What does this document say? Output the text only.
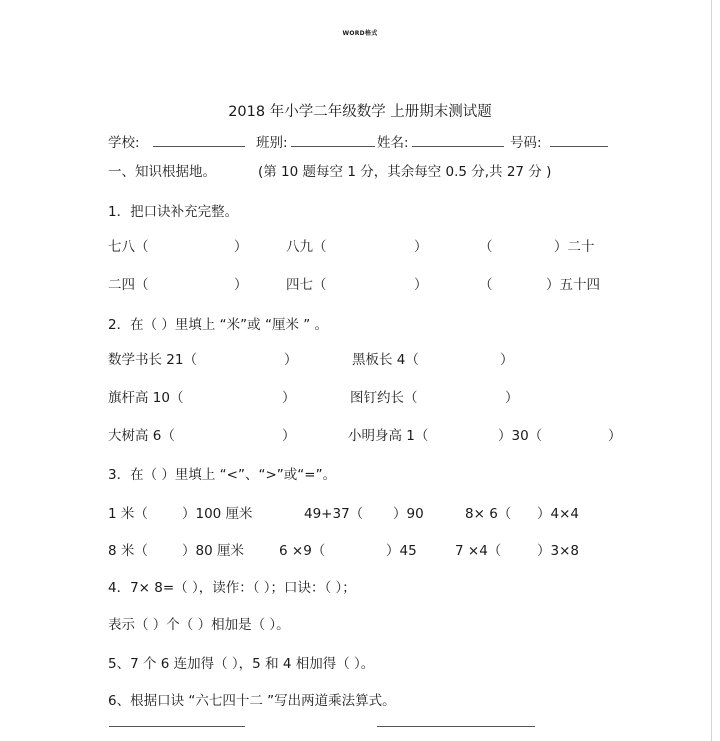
WORD格式
2018 年小学二年级数学 上册期末测试题
学校:	班别:	姓名:	号码:
一、知识根据地。	(第 10 题每空 1 分，其余每空 0.5 分,共 27 分 )
1．把口诀补充完整。
七八（	）	八九（	）	（	）二十
二四（	）	四七（	）	（	）五十四
2．在（ ）里填上 “米”或 “厘米 ” 。
数学书长 21（	）	黑板长 4（	）
旗杆高 10（	）	图钉约长（	）
大树高 6（	）	小明身高 1（	）30（	）
3．在（ ）里填上 “<”、“>”或“=”。
1 米（	）100 厘米	49+37（ ）90	8× 6（ ）4×4
8 米（	）80 厘米	6 ×9（	）45	7 ×4（	）3×8
4．7× 8=（ ），读作：（ ）；口诀：（ ）；
表示（ ）个（ ）相加是（ ）。
5、7 个 6 连加得（ ），5 和 4 相加得（ ）。
6、根据口诀 “六七四十二 ”写出两道乘法算式。
